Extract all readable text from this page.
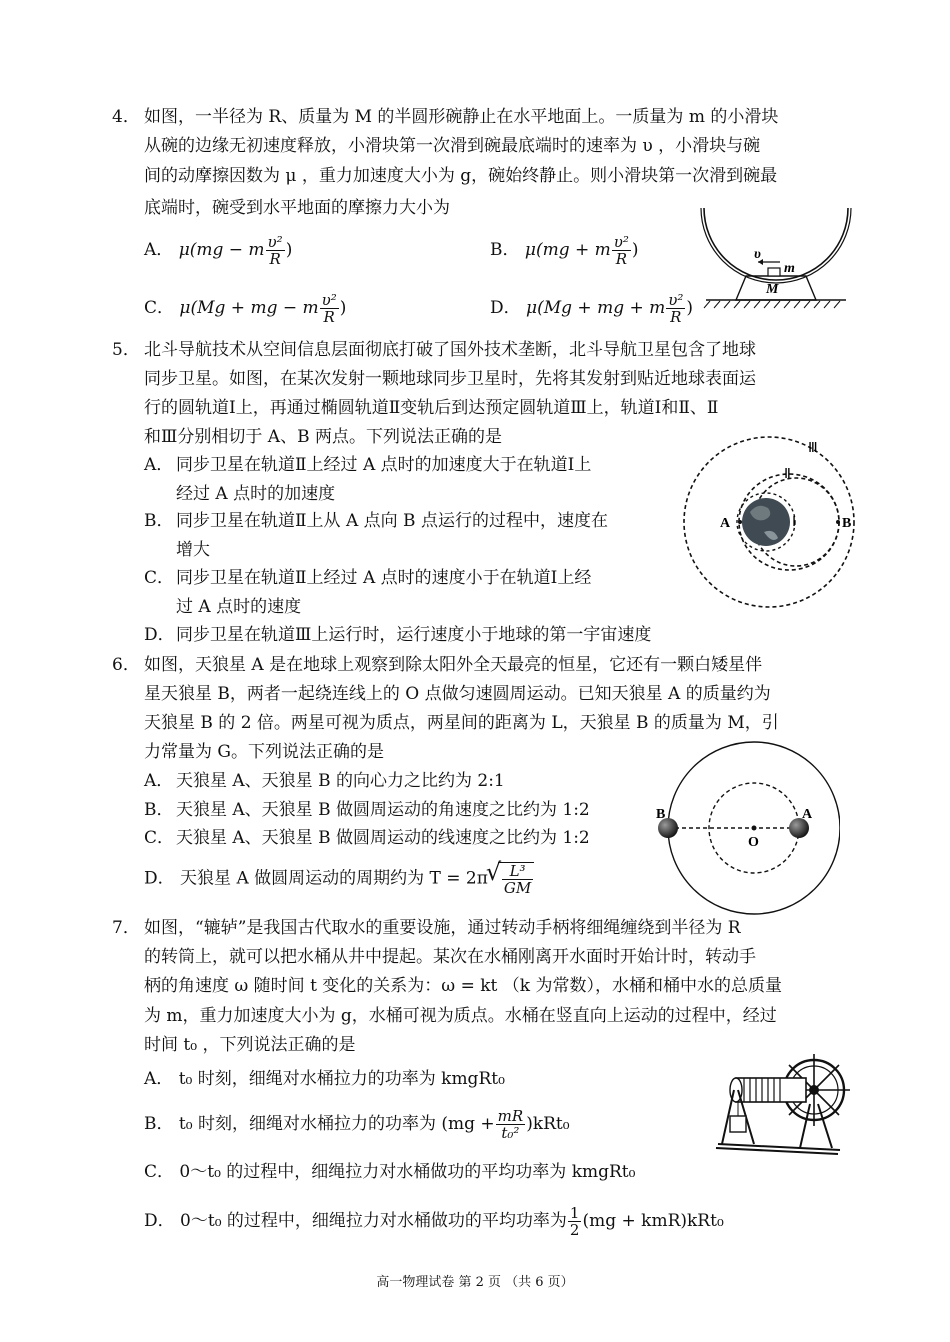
4． 如图，一半径为 R、质量为 M 的半圆形碗静止在水平地面上。一质量为 m 的小滑块
从碗的边缘无初速度释放，小滑块第一次滑到碗最底端时的速率为 υ ，小滑块与碗
间的动摩擦因数为 μ ，重力加速度大小为 g，碗始终静止。则小滑块第一次滑到碗最
底端时，碗受到水平地面的摩擦力大小为
A． μ(mg − m $\frac{\text{υ²}}{R}$ )	B． μ(mg + m $\frac{\text{υ²}}{R}$ )
C． μ(Mg + mg − m $\frac{\text{υ²}}{R}$ )	D． μ(Mg + mg + m $\frac{\text{υ²}}{R}$ )
υ
m
M
5． 北斗导航技术从空间信息层面彻底打破了国外技术垄断，北斗导航卫星包含了地球
同步卫星。如图，在某次发射一颗地球同步卫星时，先将其发射到贴近地球表面运
行的圆轨道Ⅰ上，再通过椭圆轨道Ⅱ变轨后到达预定圆轨道Ⅲ上，轨道Ⅰ和Ⅱ、Ⅱ
和Ⅲ分别相切于 A、B 两点。下列说法正确的是
A． 同步卫星在轨道Ⅱ上经过 A 点时的加速度大于在轨道Ⅰ上
经过 A 点时的加速度
B． 同步卫星在轨道Ⅱ上从 A 点向 B 点运行的过程中，速度在
增大
C． 同步卫星在轨道Ⅱ上经过 A 点时的速度小于在轨道Ⅰ上经
过 A 点时的速度
D． 同步卫星在轨道Ⅲ上运行时，运行速度小于地球的第一宇宙速度
Ⅲ
Ⅱ
Ⅰ
A	B
6． 如图，天狼星 A 是在地球上观察到除太阳外全天最亮的恒星，它还有一颗白矮星伴
星天狼星 B，两者一起绕连线上的 O 点做匀速圆周运动。已知天狼星 A 的质量约为
天狼星 B 的 2 倍。两星可视为质点，两星间的距离为 L，天狼星 B 的质量为 M，引
力常量为 G。下列说法正确的是
A． 天狼星 A、天狼星 B 的向心力之比约为 2:1
B． 天狼星 A、天狼星 B 做圆周运动的角速度之比约为 1:2
C． 天狼星 A、天狼星 B 做圆周运动的线速度之比约为 1:2
D． 天狼星 A 做圆周运动的周期约为 T = 2π
√ $\frac{\text{L³}}{GM}$
B	A
O
7． 如图，“辘轳”是我国古代取水的重要设施，通过转动手柄将细绳缠绕到半径为 R
的转筒上，就可以把水桶从井中提起。某次在水桶刚离开水面时开始计时，转动手
柄的角速度 ω 随时间 t 变化的关系为：ω = kt （k 为常数），水桶和桶中水的总质量
为 m，重力加速度大小为 g，水桶可视为质点。水桶在竖直向上运动的过程中，经过
时间 t₀ ，下列说法正确的是
A． t₀ 时刻，细绳对水桶拉力的功率为 kmgRt₀
B． t₀ 时刻，细绳对水桶拉力的功率为 $(mg + \frac{mR}{\text{t₀²}} )kRt_0$
C． 0～t₀ 的过程中，细绳拉力对水桶做功的平均功率为 kmgRt₀
D． 0～t₀ 的过程中，细绳拉力对水桶做功的平均功率为 $\frac{1}{2} (mg + kmR)kRt_0$
高一物理试卷 第 2 页 （共 6 页）
